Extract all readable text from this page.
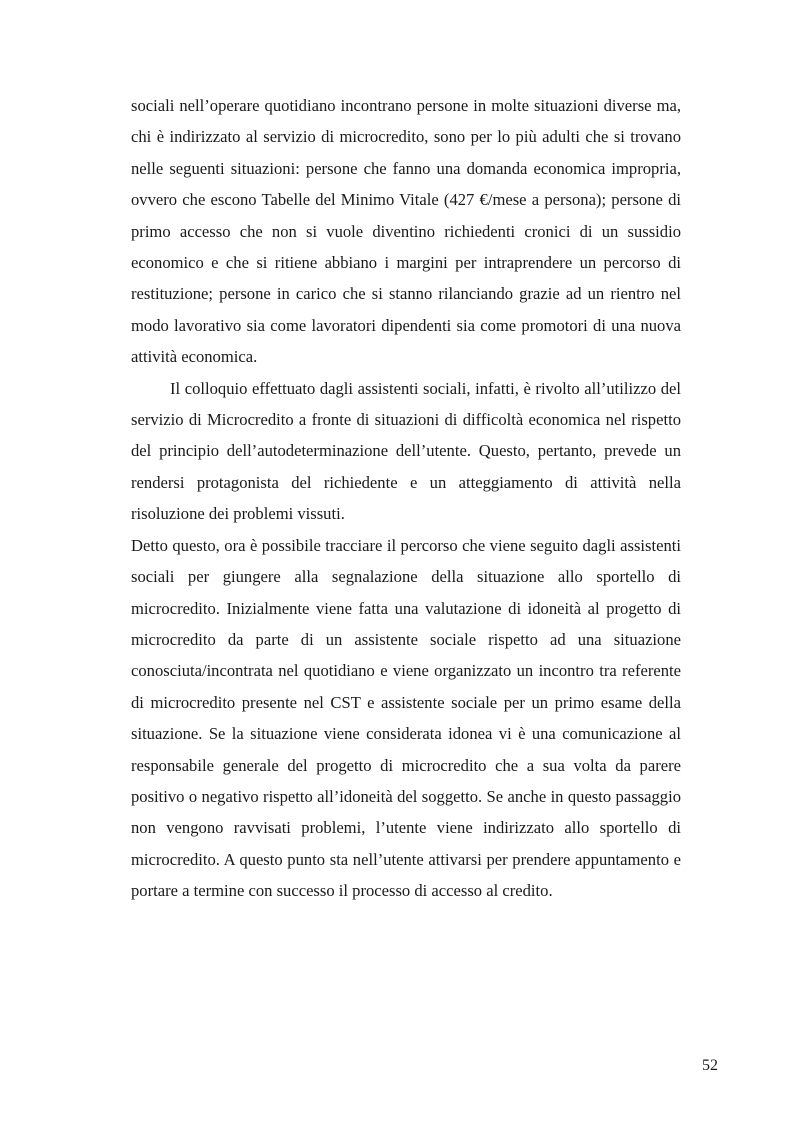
sociali nell’operare quotidiano incontrano persone in molte situazioni diverse ma, chi è indirizzato al servizio di microcredito, sono per lo più adulti che si trovano nelle seguenti situazioni: persone che fanno una domanda economica impropria, ovvero che escono Tabelle del Minimo Vitale (427 €/mese a persona); persone di primo accesso che non si vuole diventino richiedenti cronici di un sussidio economico e che si ritiene abbiano i margini per intraprendere un percorso di restituzione; persone in carico che si stanno rilanciando grazie ad un rientro nel modo lavorativo sia come lavoratori dipendenti sia come promotori di una nuova attività economica.

Il colloquio effettuato dagli assistenti sociali, infatti, è rivolto all’utilizzo del servizio di Microcredito a fronte di situazioni di difficoltà economica nel rispetto del principio dell’autodeterminazione dell’utente. Questo, pertanto, prevede un rendersi protagonista del richiedente e un atteggiamento di attività nella risoluzione dei problemi vissuti.

Detto questo, ora è possibile tracciare il percorso che viene seguito dagli assistenti sociali per giungere alla segnalazione della situazione allo sportello di microcredito. Inizialmente viene fatta una valutazione di idoneità al progetto di microcredito da parte di un assistente sociale rispetto ad una situazione conosciuta/incontrata nel quotidiano e viene organizzato un incontro tra referente di microcredito presente nel CST e assistente sociale per un primo esame della situazione. Se la situazione viene considerata idonea vi è una comunicazione al responsabile generale del progetto di microcredito che a sua volta da parere positivo o negativo rispetto all’idoneità del soggetto. Se anche in questo passaggio non vengono ravvisati problemi, l’utente viene indirizzato allo sportello di microcredito. A questo punto sta nell’utente attivarsi per prendere appuntamento e portare a termine con successo il processo di accesso al credito.

52
